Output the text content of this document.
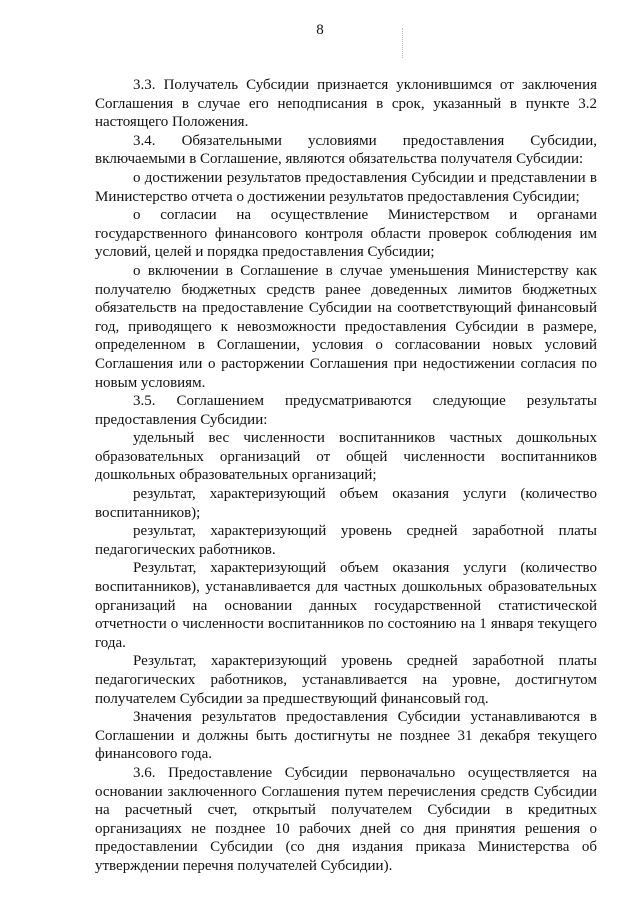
8

3.3. Получатель Субсидии признается уклонившимся от заключения Соглашения в случае его неподписания в срок, указанный в пункте 3.2 настоящего Положения.

3.4. Обязательными условиями предоставления Субсидии, включаемыми в Соглашение, являются обязательства получателя Субсидии:

о достижении результатов предоставления Субсидии и представлении в Министерство отчета о достижении результатов предоставления Субсидии;

о согласии на осуществление Министерством и органами государственного финансового контроля области проверок соблюдения им условий, целей и порядка предоставления Субсидии;

о включении в Соглашение в случае уменьшения Министерству как получателю бюджетных средств ранее доведенных лимитов бюджетных обязательств на предоставление Субсидии на соответствующий финансовый год, приводящего к невозможности предоставления Субсидии в размере, определенном в Соглашении, условия о согласовании новых условий Соглашения или о расторжении Соглашения при недостижении согласия по новым условиям.

3.5. Соглашением предусматриваются следующие результаты предоставления Субсидии:

удельный вес численности воспитанников частных дошкольных образовательных организаций от общей численности воспитанников дошкольных образовательных организаций;

результат, характеризующий объем оказания услуги (количество воспитанников);

результат, характеризующий уровень средней заработной платы педагогических работников.

Результат, характеризующий объем оказания услуги (количество воспитанников), устанавливается для частных дошкольных образовательных организаций на основании данных государственной статистической отчетности о численности воспитанников по состоянию на 1 января текущего года.

Результат, характеризующий уровень средней заработной платы педагогических работников, устанавливается на уровне, достигнутом получателем Субсидии за предшествующий финансовый год.

Значения результатов предоставления Субсидии устанавливаются в Соглашении и должны быть достигнуты не позднее 31 декабря текущего финансового года.

3.6. Предоставление Субсидии первоначально осуществляется на основании заключенного Соглашения путем перечисления средств Субсидии на расчетный счет, открытый получателем Субсидии в кредитных организациях не позднее 10 рабочих дней со дня принятия решения о предоставлении Субсидии (со дня издания приказа Министерства об утверждении перечня получателей Субсидии).
